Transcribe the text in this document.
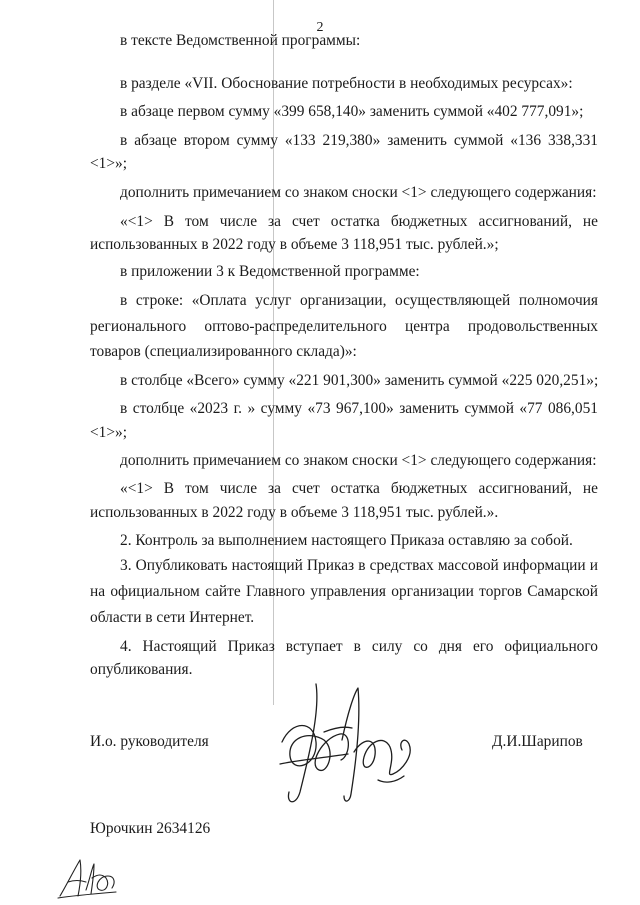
2
в тексте Ведомственной программы:
в разделе «VII. Обоснование потребности в необходимых ресурсах»:
в абзаце первом сумму «399 658,140» заменить суммой «402 777,091»;
в абзаце втором сумму «133 219,380» заменить суммой «136 338,331
<1>»;
дополнить примечанием со знаком сноски <1> следующего содержания:
«<1> В том числе за счет остатка бюджетных ассигнований, не
использованных в 2022 году в объеме 3 118,951 тыс. рублей.»;
в приложении 3 к Ведомственной программе:
в строке: «Оплата услуг организации, осуществляющей полномочия
регионального оптово-распределительного центра продовольственных
товаров (специализированного склада)»:
в столбце «Всего» сумму «221 901,300» заменить суммой «225 020,251»;
в столбце «2023 г. » сумму «73 967,100» заменить суммой «77 086,051
<1>»;
дополнить примечанием со знаком сноски <1> следующего содержания:
«<1> В том числе за счет остатка бюджетных ассигнований, не
использованных в 2022 году в объеме 3 118,951 тыс. рублей.».
2. Контроль за выполнением настоящего Приказа оставляю за собой.
3. Опубликовать настоящий Приказ в средствах массовой информации и
на официальном сайте Главного управления организации торгов Самарской
области в сети Интернет.
4. Настоящий Приказ вступает в силу со дня его официального
опубликования.
И.о. руководителя	Д.И.Шарипов
Юрочкин 2634126
